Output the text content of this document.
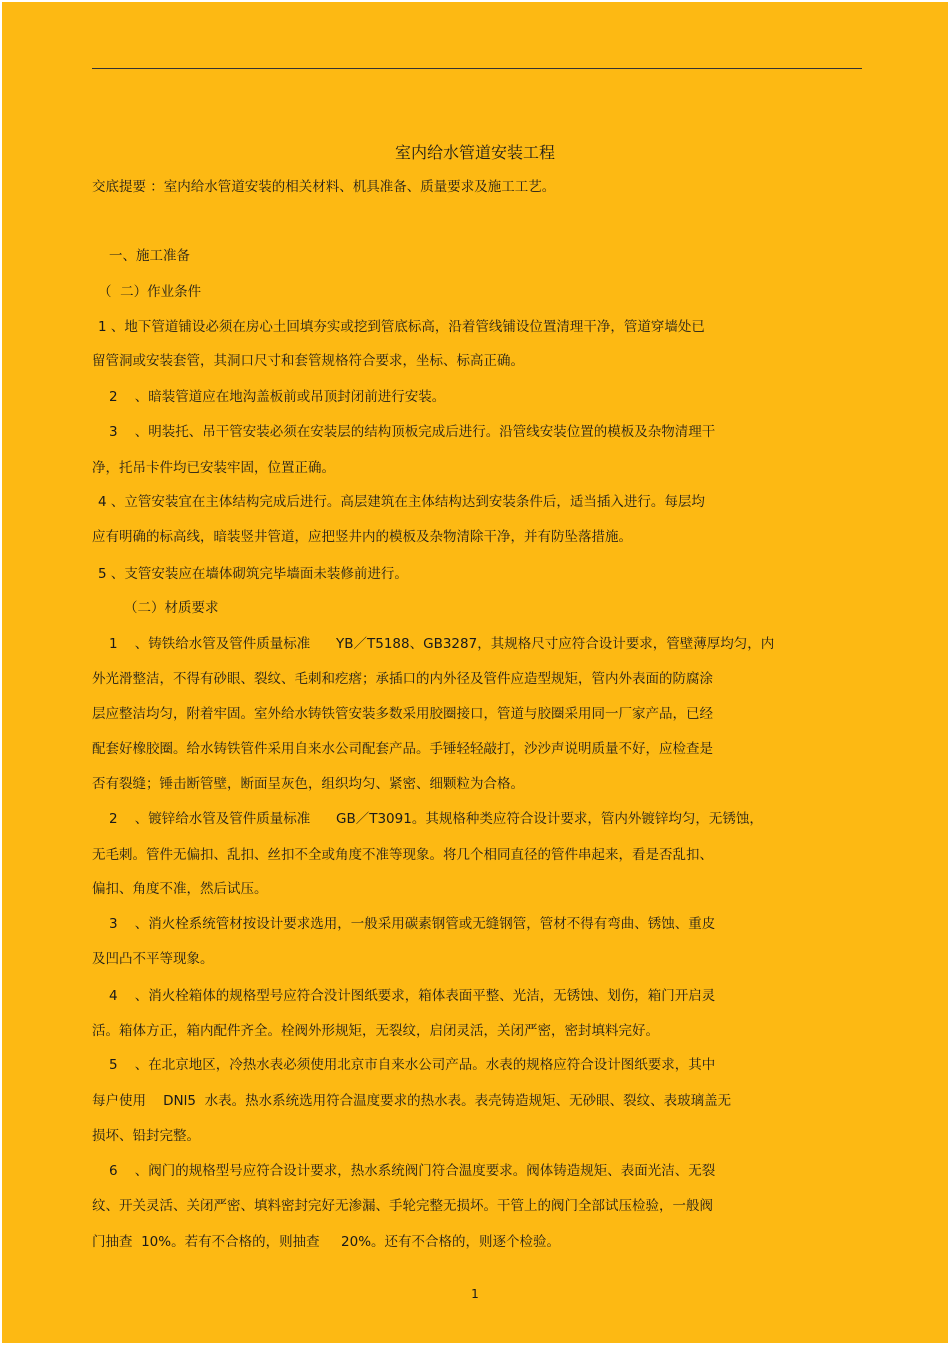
室内给水管道安装工程
交底提要 ：室内给水管道安装的相关材料、机具准备、质量要求及施工工艺。
一、施工准备
（  二）作业条件
1 、地下管道铺设必须在房心土回填夯实或挖到管底标高，沿着管线铺设位置清理干净，管道穿墙处已
留管洞或安装套管，其洞口尺寸和套管规格符合要求，坐标、标高正确。
2    、暗装管道应在地沟盖板前或吊顶封闭前进行安装。
3    、明装托、吊干管安装必须在安装层的结构顶板完成后进行。沿管线安装位置的模板及杂物清理干
净，托吊卡件均已安装牢固，位置正确。
4 、立管安装宜在主体结构完成后进行。高层建筑在主体结构达到安装条件后，适当插入进行。每层均
应有明确的标高线，暗装竖井管道，应把竖井内的模板及杂物清除干净，并有防坠落措施。
5 、支管安装应在墙体砌筑完毕墙面未装修前进行。
（二）材质要求
1    、铸铁给水管及管件质量标准      YB／T5188、GB3287，其规格尺寸应符合设计要求，管壁薄厚均匀，内
外光滑整洁，不得有砂眼、裂纹、毛刺和疙瘩；承插口的内外径及管件应造型规矩，管内外表面的防腐涂
层应整洁均匀，附着牢固。室外给水铸铁管安装多数采用胶圈接口，管道与胶圈采用同一厂家产品，已经
配套好橡胶圈。给水铸铁管件采用自来水公司配套产品。手锤轻轻敲打，沙沙声说明质量不好，应检查是
否有裂缝；锤击断管壁，断面呈灰色，组织均匀、紧密、细颗粒为合格。
2    、镀锌给水管及管件质量标准      GB／T3091。其规格种类应符合设计要求，管内外镀锌均匀，无锈蚀，
无毛刺。管件无偏扣、乱扣、丝扣不全或角度不准等现象。将几个相同直径的管件串起来，看是否乱扣、
偏扣、角度不准，然后试压。
3    、消火栓系统管材按设计要求选用，一般采用碳素钢管或无缝钢管，管材不得有弯曲、锈蚀、重皮
及凹凸不平等现象。
4    、消火栓箱体的规格型号应符合没计图纸要求，箱体表面平整、光洁，无锈蚀、划伤，箱门开启灵
活。箱体方正，箱内配件齐全。栓阀外形规矩，无裂纹，启闭灵活，关闭严密，密封填料完好。
5    、在北京地区，冷热水表必须使用北京市自来水公司产品。水表的规格应符合设计图纸要求，其中
每户使用    DNl5  水表。热水系统选用符合温度要求的热水表。表壳铸造规矩、无砂眼、裂纹、表玻璃盖无
损坏、铅封完整。
6    、阀门的规格型号应符合设计要求，热水系统阀门符合温度要求。阀体铸造规矩、表面光洁、无裂
纹、开关灵活、关闭严密、填料密封完好无渗漏、手轮完整无损坏。干管上的阀门全部试压检验，一般阀
门抽查  10%。若有不合格的，则抽查     20%。还有不合格的，则逐个检验。
1
